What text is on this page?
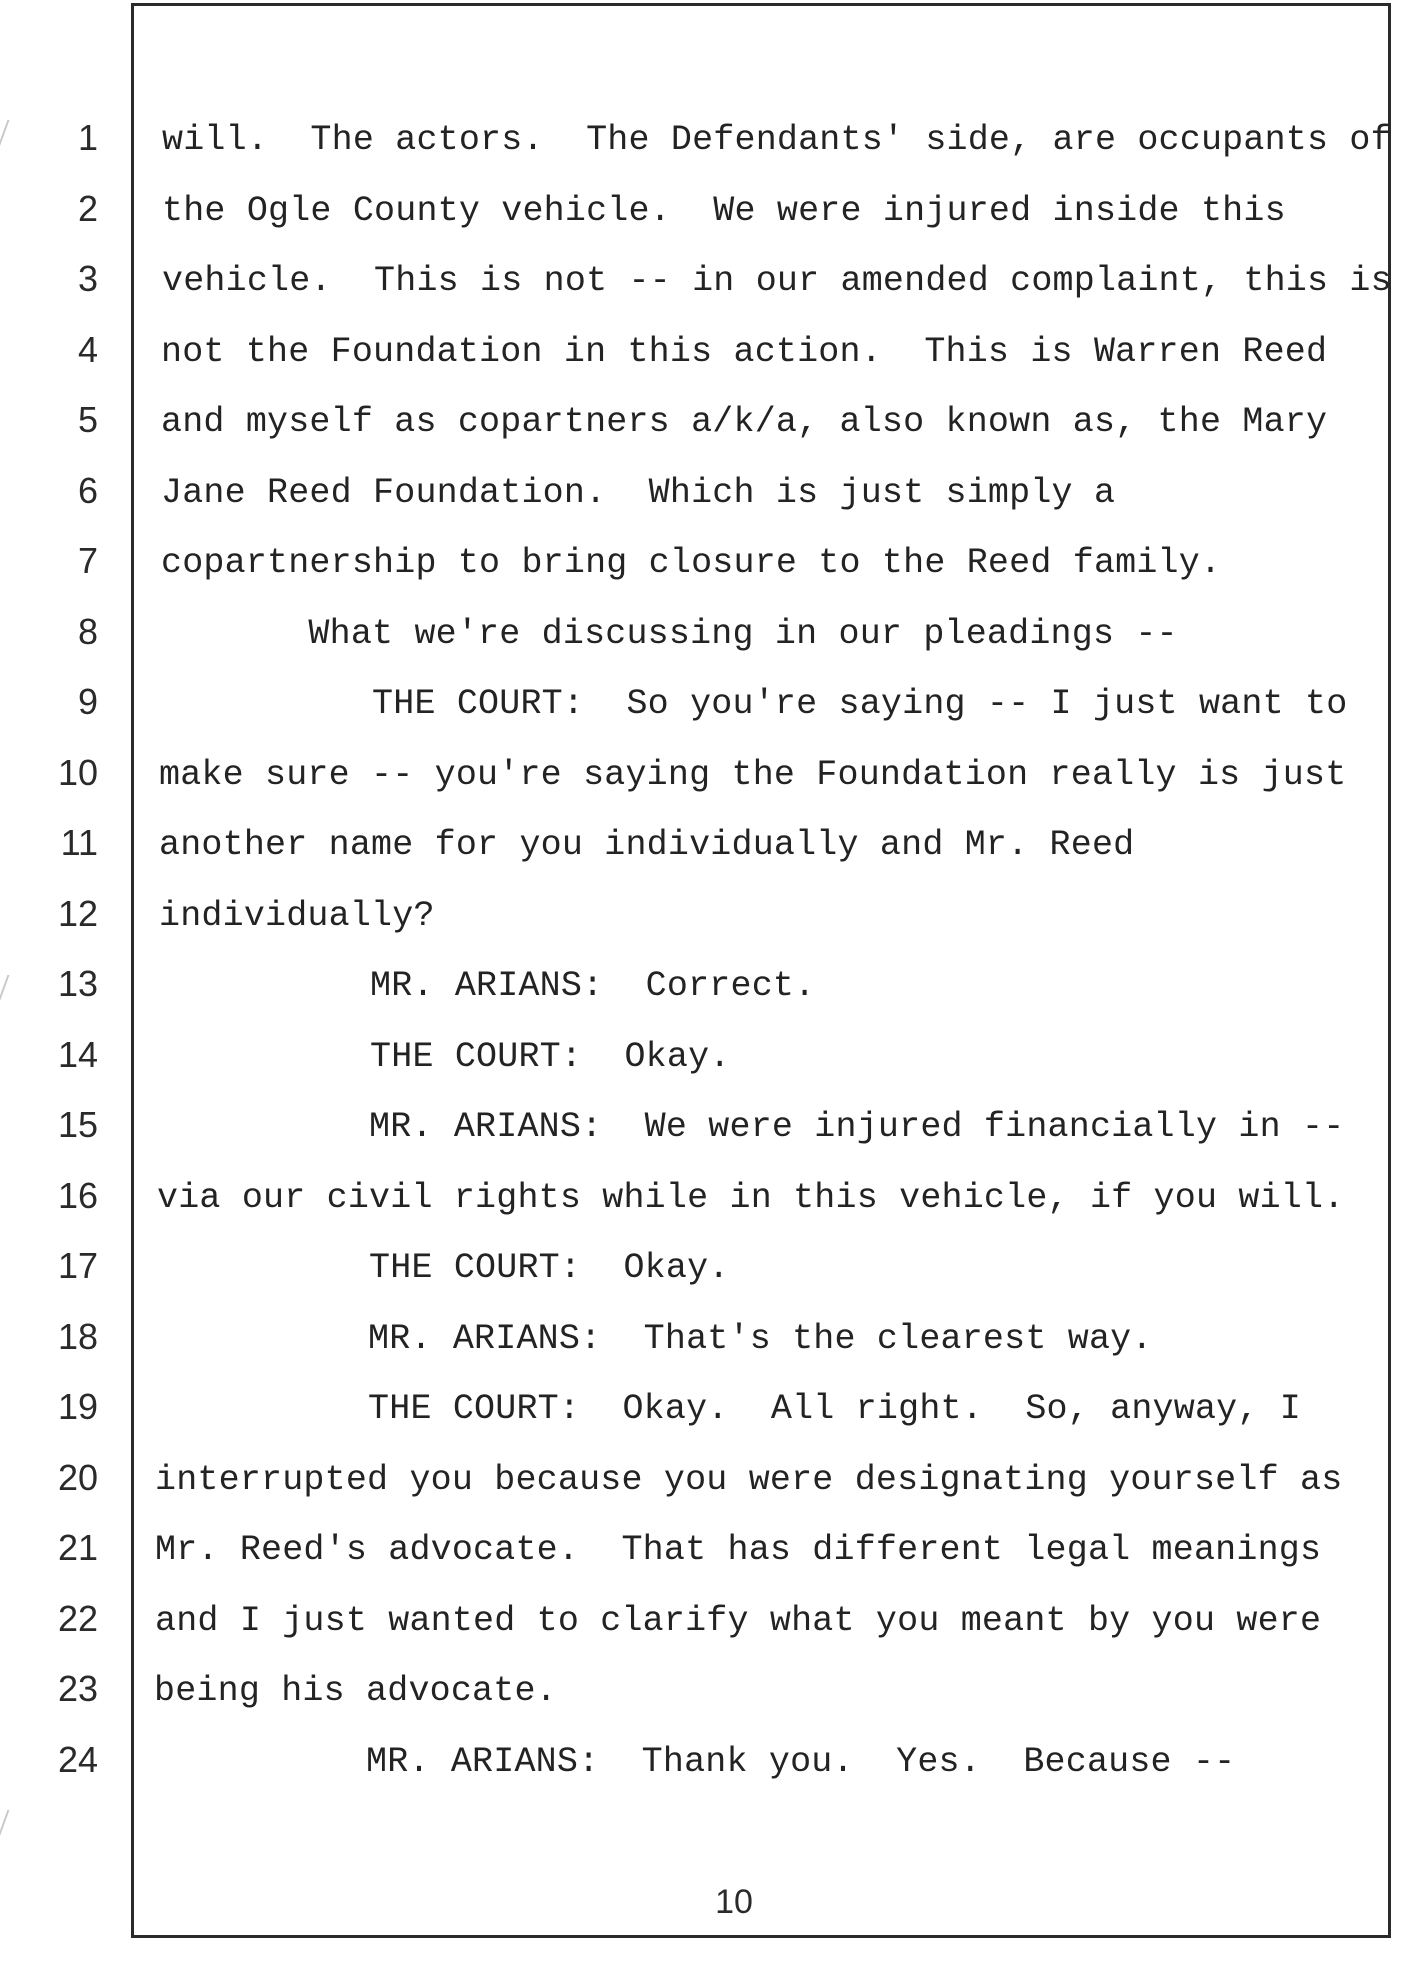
1
2
3
4
5
6
7
8
9
10
11
12
13
14
15
16
17
18
19
20
21
22
23
24
will.  The actors.  The Defendants' side, are occupants of
the Ogle County vehicle.  We were injured inside this
vehicle.  This is not -- in our amended complaint, this is
not the Foundation in this action.  This is Warren Reed
and myself as copartners a/k/a, also known as, the Mary
Jane Reed Foundation.  Which is just simply a
copartnership to bring closure to the Reed family.
What we're discussing in our pleadings --
THE COURT:  So you're saying -- I just want to
make sure -- you're saying the Foundation really is just
another name for you individually and Mr. Reed
individually?
MR. ARIANS:  Correct.
THE COURT:  Okay.
MR. ARIANS:  We were injured financially in --
via our civil rights while in this vehicle, if you will.
THE COURT:  Okay.
MR. ARIANS:  That's the clearest way.
THE COURT:  Okay.  All right.  So, anyway, I
interrupted you because you were designating yourself as
Mr. Reed's advocate.  That has different legal meanings
and I just wanted to clarify what you meant by you were
being his advocate.
MR. ARIANS:  Thank you.  Yes.  Because --
10
